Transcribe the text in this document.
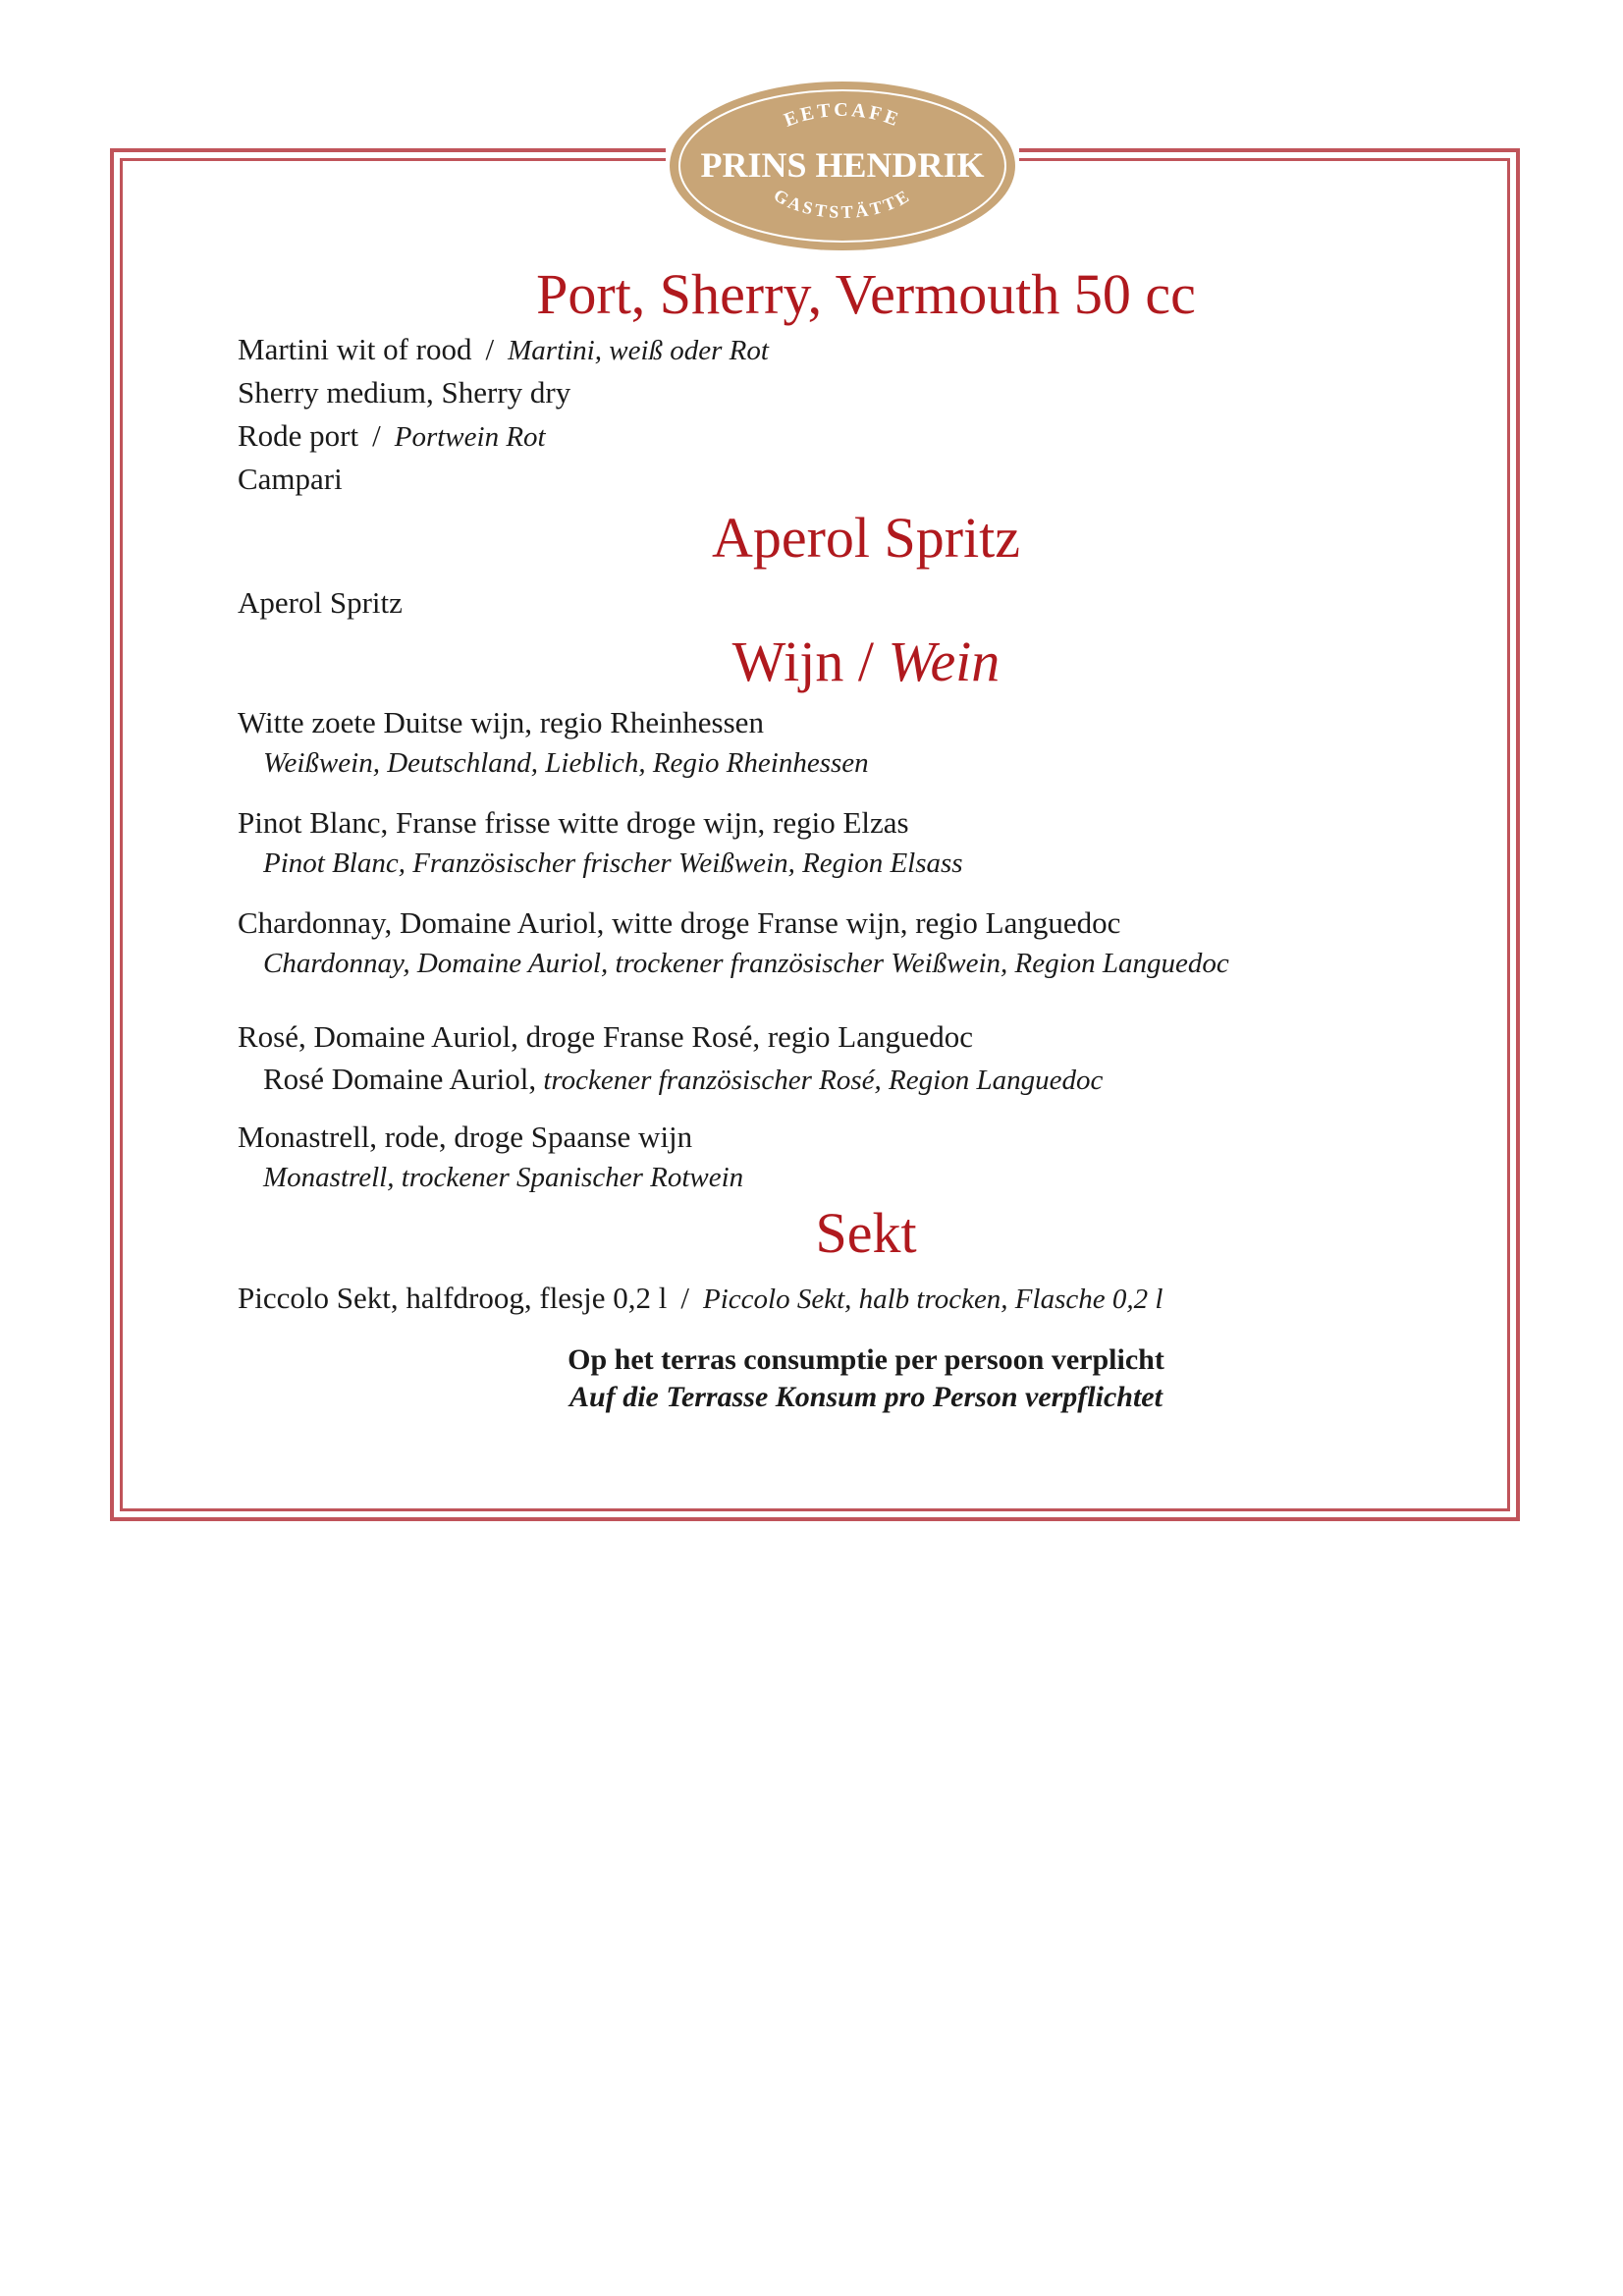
EETCAFE
PRINS HENDRIK
GASTSTÄTTE
Port, Sherry, Vermouth 50 cc
Martini wit of rood / Martini, weiß oder Rot
Sherry medium, Sherry dry
Rode port / Portwein Rot
Campari
Aperol Spritz
Aperol Spritz
Wijn / Wein
Witte zoete Duitse wijn, regio Rheinhessen
Weißwein, Deutschland, Lieblich, Regio Rheinhessen
Pinot Blanc, Franse frisse witte droge wijn, regio Elzas
Pinot Blanc, Französischer frischer Weißwein, Region Elsass
Chardonnay, Domaine Auriol, witte droge Franse wijn, regio Languedoc
Chardonnay, Domaine Auriol, trockener französischer Weißwein, Region Languedoc
Rosé, Domaine Auriol, droge Franse Rosé, regio Languedoc
Rosé Domaine Auriol, trockener französischer Rosé, Region Languedoc
Monastrell, rode, droge Spaanse wijn
Monastrell, trockener Spanischer Rotwein
Sekt
Piccolo Sekt, halfdroog, flesje 0,2 l / Piccolo Sekt, halb trocken, Flasche 0,2 l
Op het terras consumptie per persoon verplicht
Auf die Terrasse Konsum pro Person verpflichtet
